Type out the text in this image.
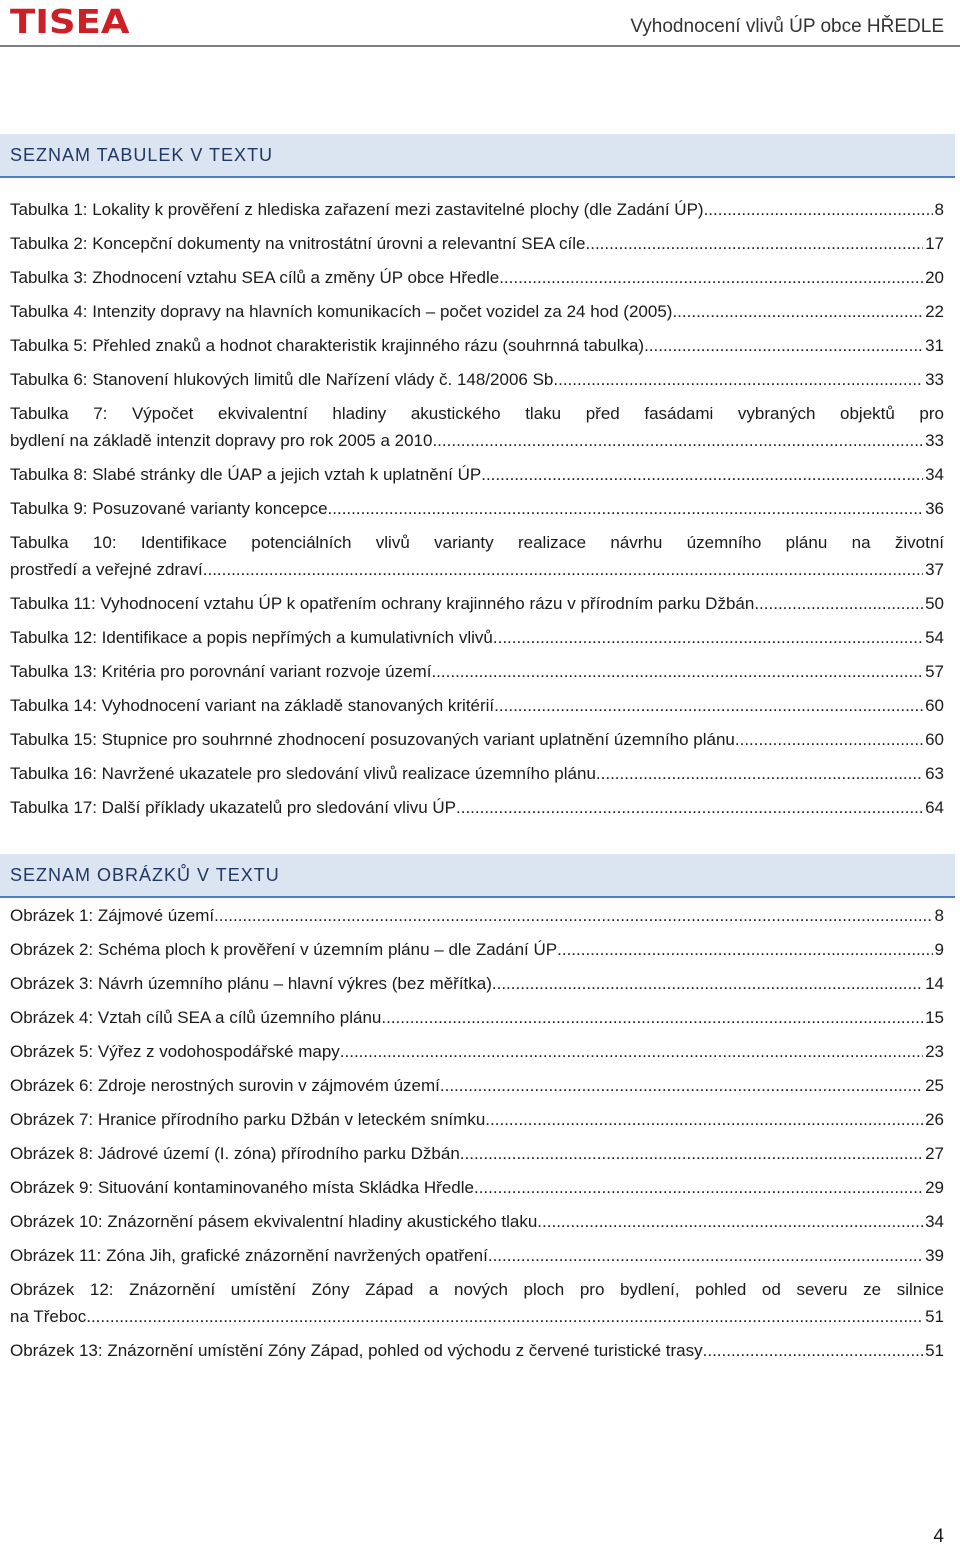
TISEA	Vyhodnocení vlivů ÚP obce HŘEDLE
SEZNAM TABULEK V TEXTU
Tabulka 1: Lokality k prověření z hlediska zařazení mezi zastavitelné plochy (dle Zadání ÚP) .....	8
Tabulka 2: Koncepční dokumenty na vnitrostátní úrovni a relevantní SEA cíle .....	17
Tabulka 3: Zhodnocení vztahu SEA cílů a změny ÚP obce Hředle .....	20
Tabulka 4: Intenzity dopravy na hlavních komunikacích – počet vozidel za 24 hod (2005) .....	22
Tabulka 5: Přehled znaků a hodnot charakteristik krajinného rázu (souhrnná tabulka) .....	31
Tabulka 6: Stanovení hlukových limitů dle Nařízení vlády č. 148/2006 Sb. .....	33
Tabulka 7: Výpočet ekvivalentní hladiny akustického tlaku před fasádami vybraných objektů pro
bydlení na základě intenzit dopravy pro rok 2005 a 2010 .....	33
Tabulka 8: Slabé stránky dle ÚAP a jejich vztah k uplatnění ÚP .....	34
Tabulka 9: Posuzované varianty koncepce .....	36
Tabulka 10: Identifikace potenciálních vlivů varianty realizace návrhu územního plánu na životní
prostředí a veřejné zdraví .....	37
Tabulka 11: Vyhodnocení vztahu ÚP k opatřením ochrany krajinného rázu v přírodním parku Džbán .....	50
Tabulka 12: Identifikace a popis nepřímých a kumulativních vlivů .....	54
Tabulka 13: Kritéria pro porovnání variant rozvoje území .....	57
Tabulka 14: Vyhodnocení variant na základě stanovaných kritérií .....	60
Tabulka 15: Stupnice pro souhrnné zhodnocení posuzovaných variant uplatnění územního plánu .....	60
Tabulka 16: Navržené ukazatele pro sledování vlivů realizace územního plánu .....	63
Tabulka 17: Další příklady ukazatelů pro sledování vlivu ÚP .....	64
SEZNAM OBRÁZKŮ V TEXTU
Obrázek 1: Zájmové území .....	8
Obrázek 2: Schéma ploch k prověření v územním plánu – dle Zadání ÚP .....	9
Obrázek 3: Návrh územního plánu – hlavní výkres (bez měřítka) .....	14
Obrázek 4: Vztah cílů SEA a cílů územního plánu .....	15
Obrázek 5: Výřez z vodohospodářské mapy .....	23
Obrázek 6: Zdroje nerostných surovin v zájmovém území .....	25
Obrázek 7: Hranice přírodního parku Džbán v leteckém snímku .....	26
Obrázek 8: Jádrové území (I. zóna) přírodního parku Džbán .....	27
Obrázek 9: Situování kontaminovaného místa Skládka Hředle .....	29
Obrázek 10: Znázornění pásem ekvivalentní hladiny akustického tlaku .....	34
Obrázek 11: Zóna Jih, grafické znázornění navržených opatření .....	39
Obrázek 12: Znázornění umístění Zóny Západ a nových ploch pro bydlení, pohled od severu ze silnice
na Třeboc .....	51
Obrázek 13: Znázornění umístění Zóny Západ, pohled od východu z červené turistické trasy .....	51
4
